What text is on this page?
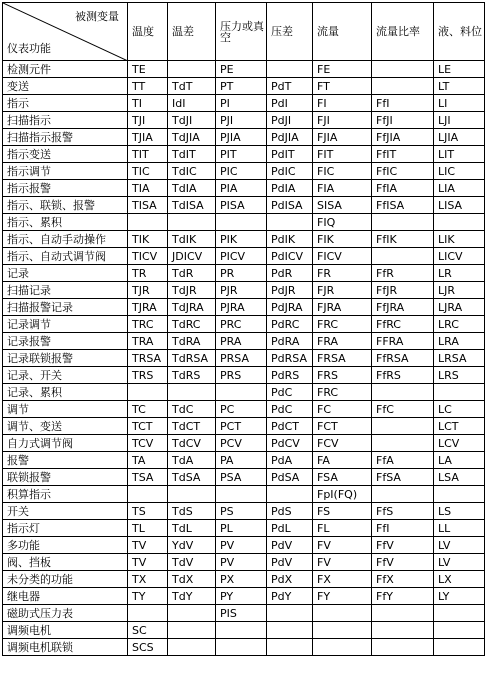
被测变量
仪表功能	温度	温差	压力或真空	压差	流量	流量比率	液、料位
检测元件	TE		PE		FE		LE
变送	TT	TdT	PT	PdT	FT		LT
指示	TI	IdI	PI	PdI	FI	FfI	LI
扫描指示	TJI	TdJI	PJI	PdJI	FJI	FfJI	LJI
扫描指示报警	TJIA	TdJIA	PJIA	PdJIA	FJIA	FfJIA	LJIA
指示变送	TIT	TdIT	PIT	PdIT	FIT	FfIT	LIT
指示调节	TIC	TdIC	PIC	PdIC	FIC	FfIC	LIC
指示报警	TIA	TdIA	PIA	PdIA	FIA	FfIA	LIA
指示、联锁、报警	TISA	TdISA	PISA	PdISA	SISA	FfISA	LISA
指示、累积					FIQ		
指示、自动手动操作	TIK	TdIK	PIK	PdIK	FIK	FfIK	LIK
指示、自动式调节阀	TICV	JDICV	PICV	PdICV	FICV		LICV
记录	TR	TdR	PR	PdR	FR	FfR	LR
扫描记录	TJR	TdJR	PJR	PdJR	FJR	FfJR	LJR
扫描报警记录	TJRA	TdJRA	PJRA	PdJRA	FJRA	FfJRA	LJRA
记录调节	TRC	TdRC	PRC	PdRC	FRC	FfRC	LRC
记录报警	TRA	TdRA	PRA	PdRA	FRA	FFRA	LRA
记录联锁报警	TRSA	TdRSA	PRSA	PdRSA	FRSA	FfRSA	LRSA
记录、开关	TRS	TdRS	PRS	PdRS	FRS	FfRS	LRS
记录、累积				PdC	FRC		
调节	TC	TdC	PC	PdC	FC	FfC	LC
调节、变送	TCT	TdCT	PCT	PdCT	FCT		LCT
自力式调节阀	TCV	TdCV	PCV	PdCV	FCV		LCV
报警	TA	TdA	PA	PdA	FA	FfA	LA
联锁报警	TSA	TdSA	PSA	PdSA	FSA	FfSA	LSA
积算指示					FpI(FQ)		
开关	TS	TdS	PS	PdS	FS	FfS	LS
指示灯	TL	TdL	PL	PdL	FL	FfI	LL
多功能	TV	YdV	PV	PdV	FV	FfV	LV
阀、挡板	TV	TdV	PV	PdV	FV	FfV	LV
未分类的功能	TX	TdX	PX	PdX	FX	FfX	LX
继电器	TY	TdY	PY	PdY	FY	FfY	LY
磁助式压力表			PIS				
调频电机	SC						
调频电机联锁	SCS						
